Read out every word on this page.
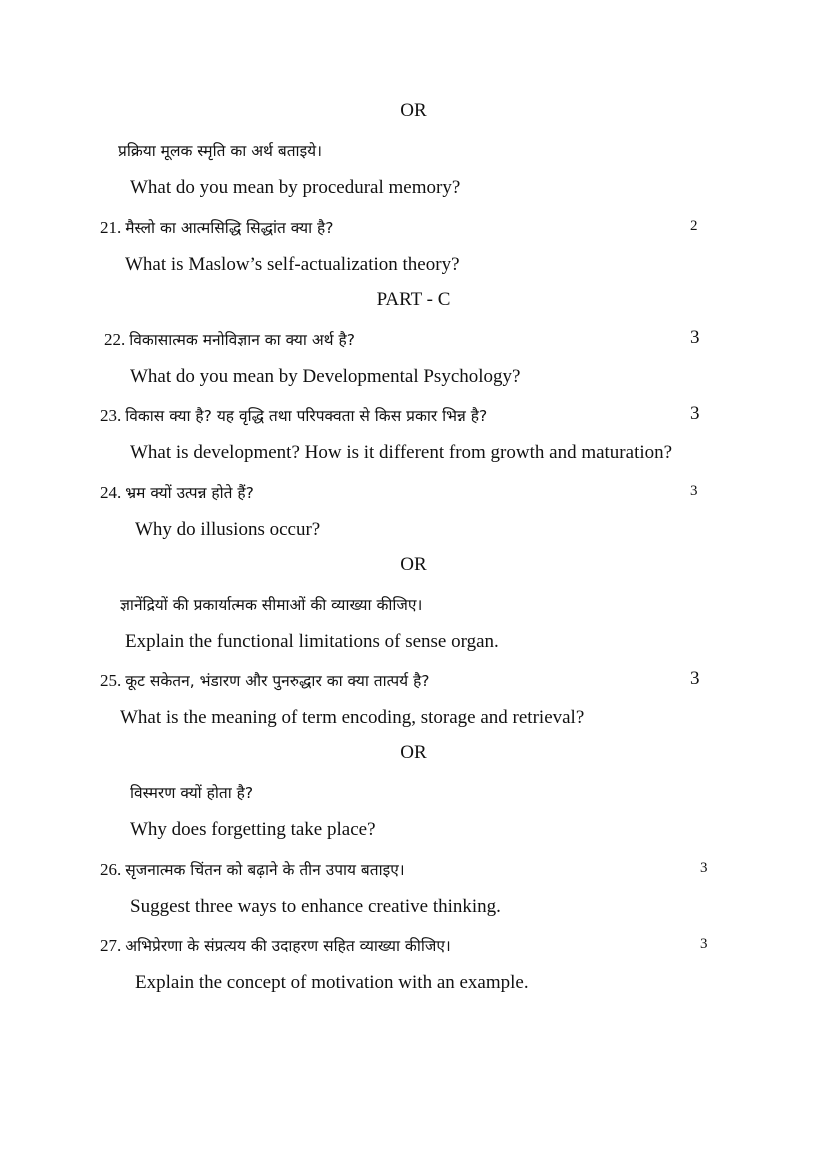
OR
प्रक्रिया मूलक स्मृति का अर्थ बताइये।
What do you mean by procedural memory?
21. मैस्लो का आत्मसिद्धि सिद्धांत क्या है?	2
What is Maslow’s self-actualization theory?
PART - C
22. विकासात्मक मनोविज्ञान का क्या अर्थ है?	3
What do you mean by Developmental Psychology?
23. विकास क्या है? यह वृद्धि तथा परिपक्वता से किस प्रकार भिन्न है?	3
What is development? How is it different from growth and maturation?
24. भ्रम क्यों उत्पन्न होते हैं?	3
Why do illusions occur?
OR
ज्ञानेंद्रियों की प्रकार्यात्मक सीमाओं की व्याख्या कीजिए।
Explain the functional limitations of sense organ.
25. कूट सकेतन, भंडारण और पुनरुद्धार का क्या तात्पर्य है?	3
What is the meaning of term encoding, storage and retrieval?
OR
विस्मरण क्यों होता है?
Why does forgetting take place?
26. सृजनात्मक चिंतन को बढ़ाने के तीन उपाय बताइए।	3
Suggest three ways to enhance creative thinking.
27. अभिप्रेरणा के संप्रत्यय की उदाहरण सहित व्याख्या कीजिए।	3
Explain the concept of motivation with an example.
